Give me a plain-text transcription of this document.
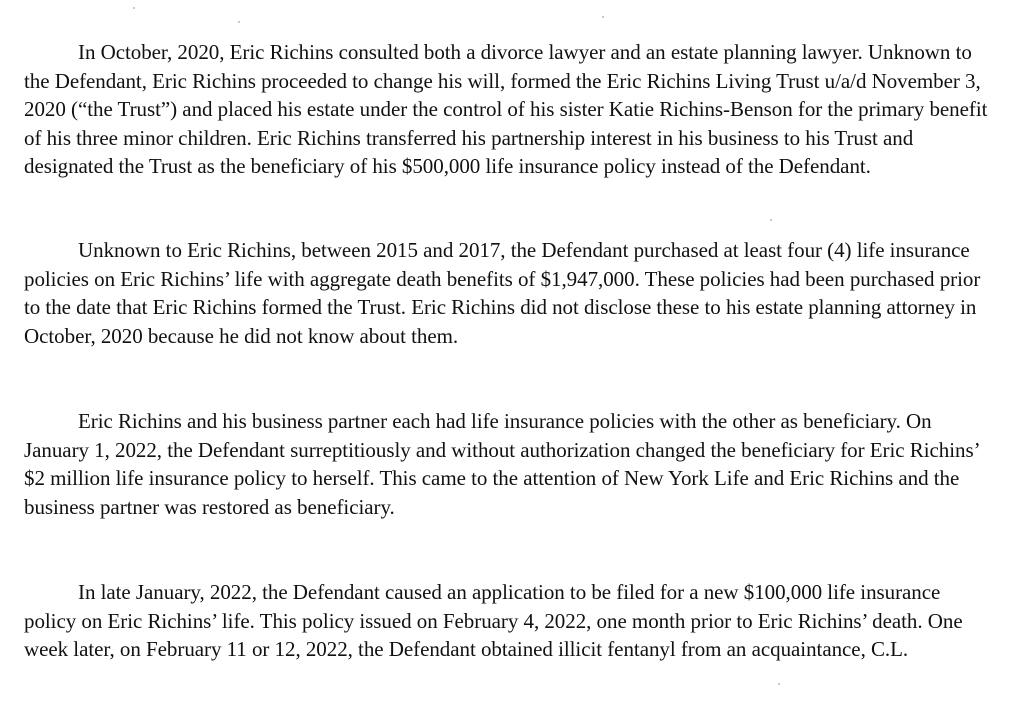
In October, 2020, Eric Richins consulted both a divorce lawyer and an estate planning lawyer. Unknown to the Defendant, Eric Richins proceeded to change his will, formed the Eric Richins Living Trust u/a/d November 3, 2020 (“the Trust”) and placed his estate under the control of his sister Katie Richins-Benson for the primary benefit of his three minor children. Eric Richins transferred his partnership interest in his business to his Trust and designated the Trust as the beneficiary of his $500,000 life insurance policy instead of the Defendant.

Unknown to Eric Richins, between 2015 and 2017, the Defendant purchased at least four (4) life insurance policies on Eric Richins’ life with aggregate death benefits of $1,947,000. These policies had been purchased prior to the date that Eric Richins formed the Trust. Eric Richins did not disclose these to his estate planning attorney in October, 2020 because he did not know about them.

Eric Richins and his business partner each had life insurance policies with the other as beneficiary. On January 1, 2022, the Defendant surreptitiously and without authorization changed the beneficiary for Eric Richins’ $2 million life insurance policy to herself. This came to the attention of New York Life and Eric Richins and the business partner was restored as beneficiary.

In late January, 2022, the Defendant caused an application to be filed for a new $100,000 life insurance policy on Eric Richins’ life. This policy issued on February 4, 2022, one month prior to Eric Richins’ death. One week later, on February 11 or 12, 2022, the Defendant obtained illicit fentanyl from an acquaintance, C.L.
